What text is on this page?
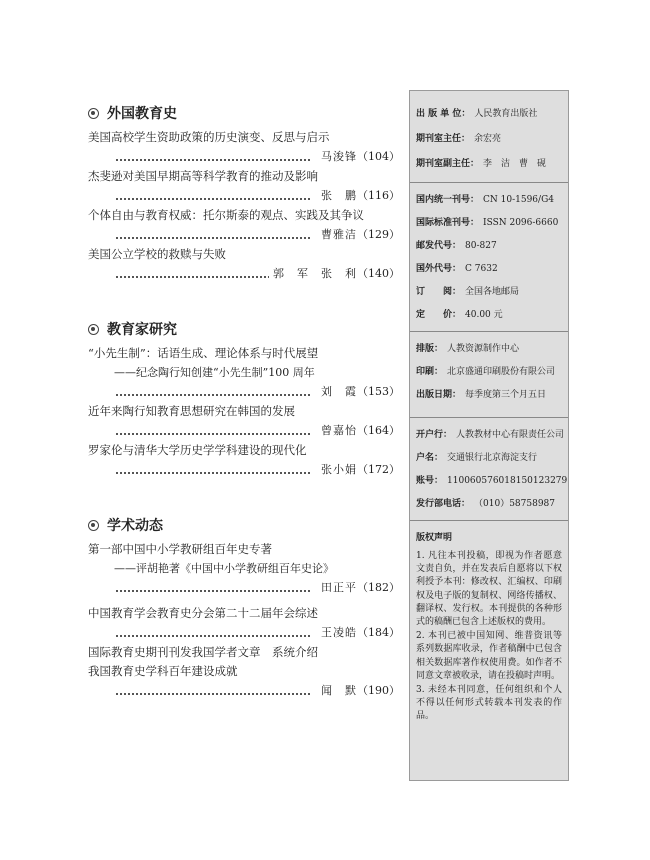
外国教育史
美国高校学生资助政策的历史演变、反思与启示
马浚锋（104）
杰斐逊对美国早期高等科学教育的推动及影响
张　鹏（116）
个体自由与教育权威：托尔斯泰的观点、实践及其争议
曹雅洁（129）
美国公立学校的救赎与失败
郭　军　张　利（140）
教育家研究
“小先生制”：话语生成、理论体系与时代展望
——纪念陶行知创建“小先生制”100 周年
刘　霞（153）
近年来陶行知教育思想研究在韩国的发展
曾嘉怡（164）
罗家伦与清华大学历史学学科建设的现代化
张小娟（172）
学术动态
第一部中国中小学教研组百年史专著
——评胡艳著《中国中小学教研组百年史论》
田正平（182）
中国教育学会教育史分会第二十二届年会综述
王凌皓（184）
国际教育史期刊刊发我国学者文章　系统介绍
我国教育史学科百年建设成就
闻　默（190）
出 版 单 位： 人民教育出版社
期刊室主任： 余宏亮
期刊室副主任： 李　洁　曹　砚
国内统一刊号： CN 10-1596/G4
国际标准刊号： ISSN 2096-6660
邮发代号： 80-827
国外代号： C 7632
订　　阅： 全国各地邮局
定　　价： 40.00 元
排版： 人教资源制作中心
印刷： 北京盛通印刷股份有限公司
出版日期： 每季度第三个月五日
开户行： 人教教材中心有限责任公司
户名： 交通银行北京海淀支行
账号： 110060576018150123279
发行部电话： （010）58758987
版权声明
1. 凡往本刊投稿，即视为作者愿意文责自负，并在发表后自愿将以下权利授予本刊：修改权、汇编权、印刷权及电子版的复制权、网络传播权、翻译权、发行权。本刊提供的各种形式的稿酬已包含上述版权的费用。
2. 本刊已被中国知网、维普资讯等系列数据库收录，作者稿酬中已包含相关数据库著作权使用费。如作者不同意文章被收录，请在投稿时声明。
3. 未经本刊同意，任何组织和个人不得以任何形式转载本刊发表的作品。
